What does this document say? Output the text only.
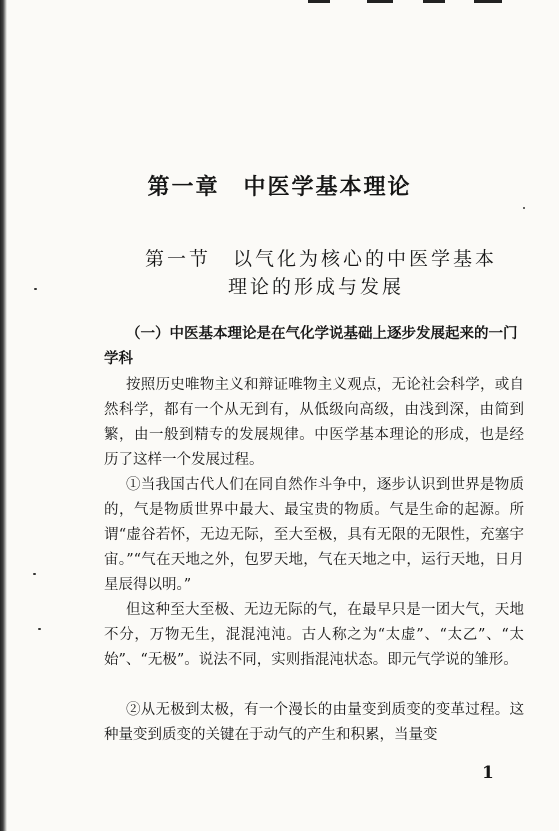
第一章　中医学基本理论
第一节　以气化为核心的中医学基本
理论的形成与发展
（一）中医基本理论是在气化学说基础上逐步发展起来的一门学科
按照历史唯物主义和辩证唯物主义观点，无论社会科学，或自然科学，都有一个从无到有，从低级向高级，由浅到深，由简到繁，由一般到精专的发展规律。中医学基本理论的形成，也是经历了这样一个发展过程。
①当我国古代人们在同自然作斗争中，逐步认识到世界是物质的，气是物质世界中最大、最宝贵的物质。气是生命的起源。所谓“虚谷若怀，无边无际，至大至极，具有无限的无限性，充塞宇宙。”“气在天地之外，包罗天地，气在天地之中，运行天地，日月星辰得以明。”
但这种至大至极、无边无际的气，在最早只是一团大气，天地不分，万物无生，混混沌沌。古人称之为“太虚”、“太乙”、“太始”、“无极”。说法不同，实则指混沌状态。即元气学说的雏形。
②从无极到太极，有一个漫长的由量变到质变的变革过程。这种量变到质变的关键在于动气的产生和积累，当量变
1
